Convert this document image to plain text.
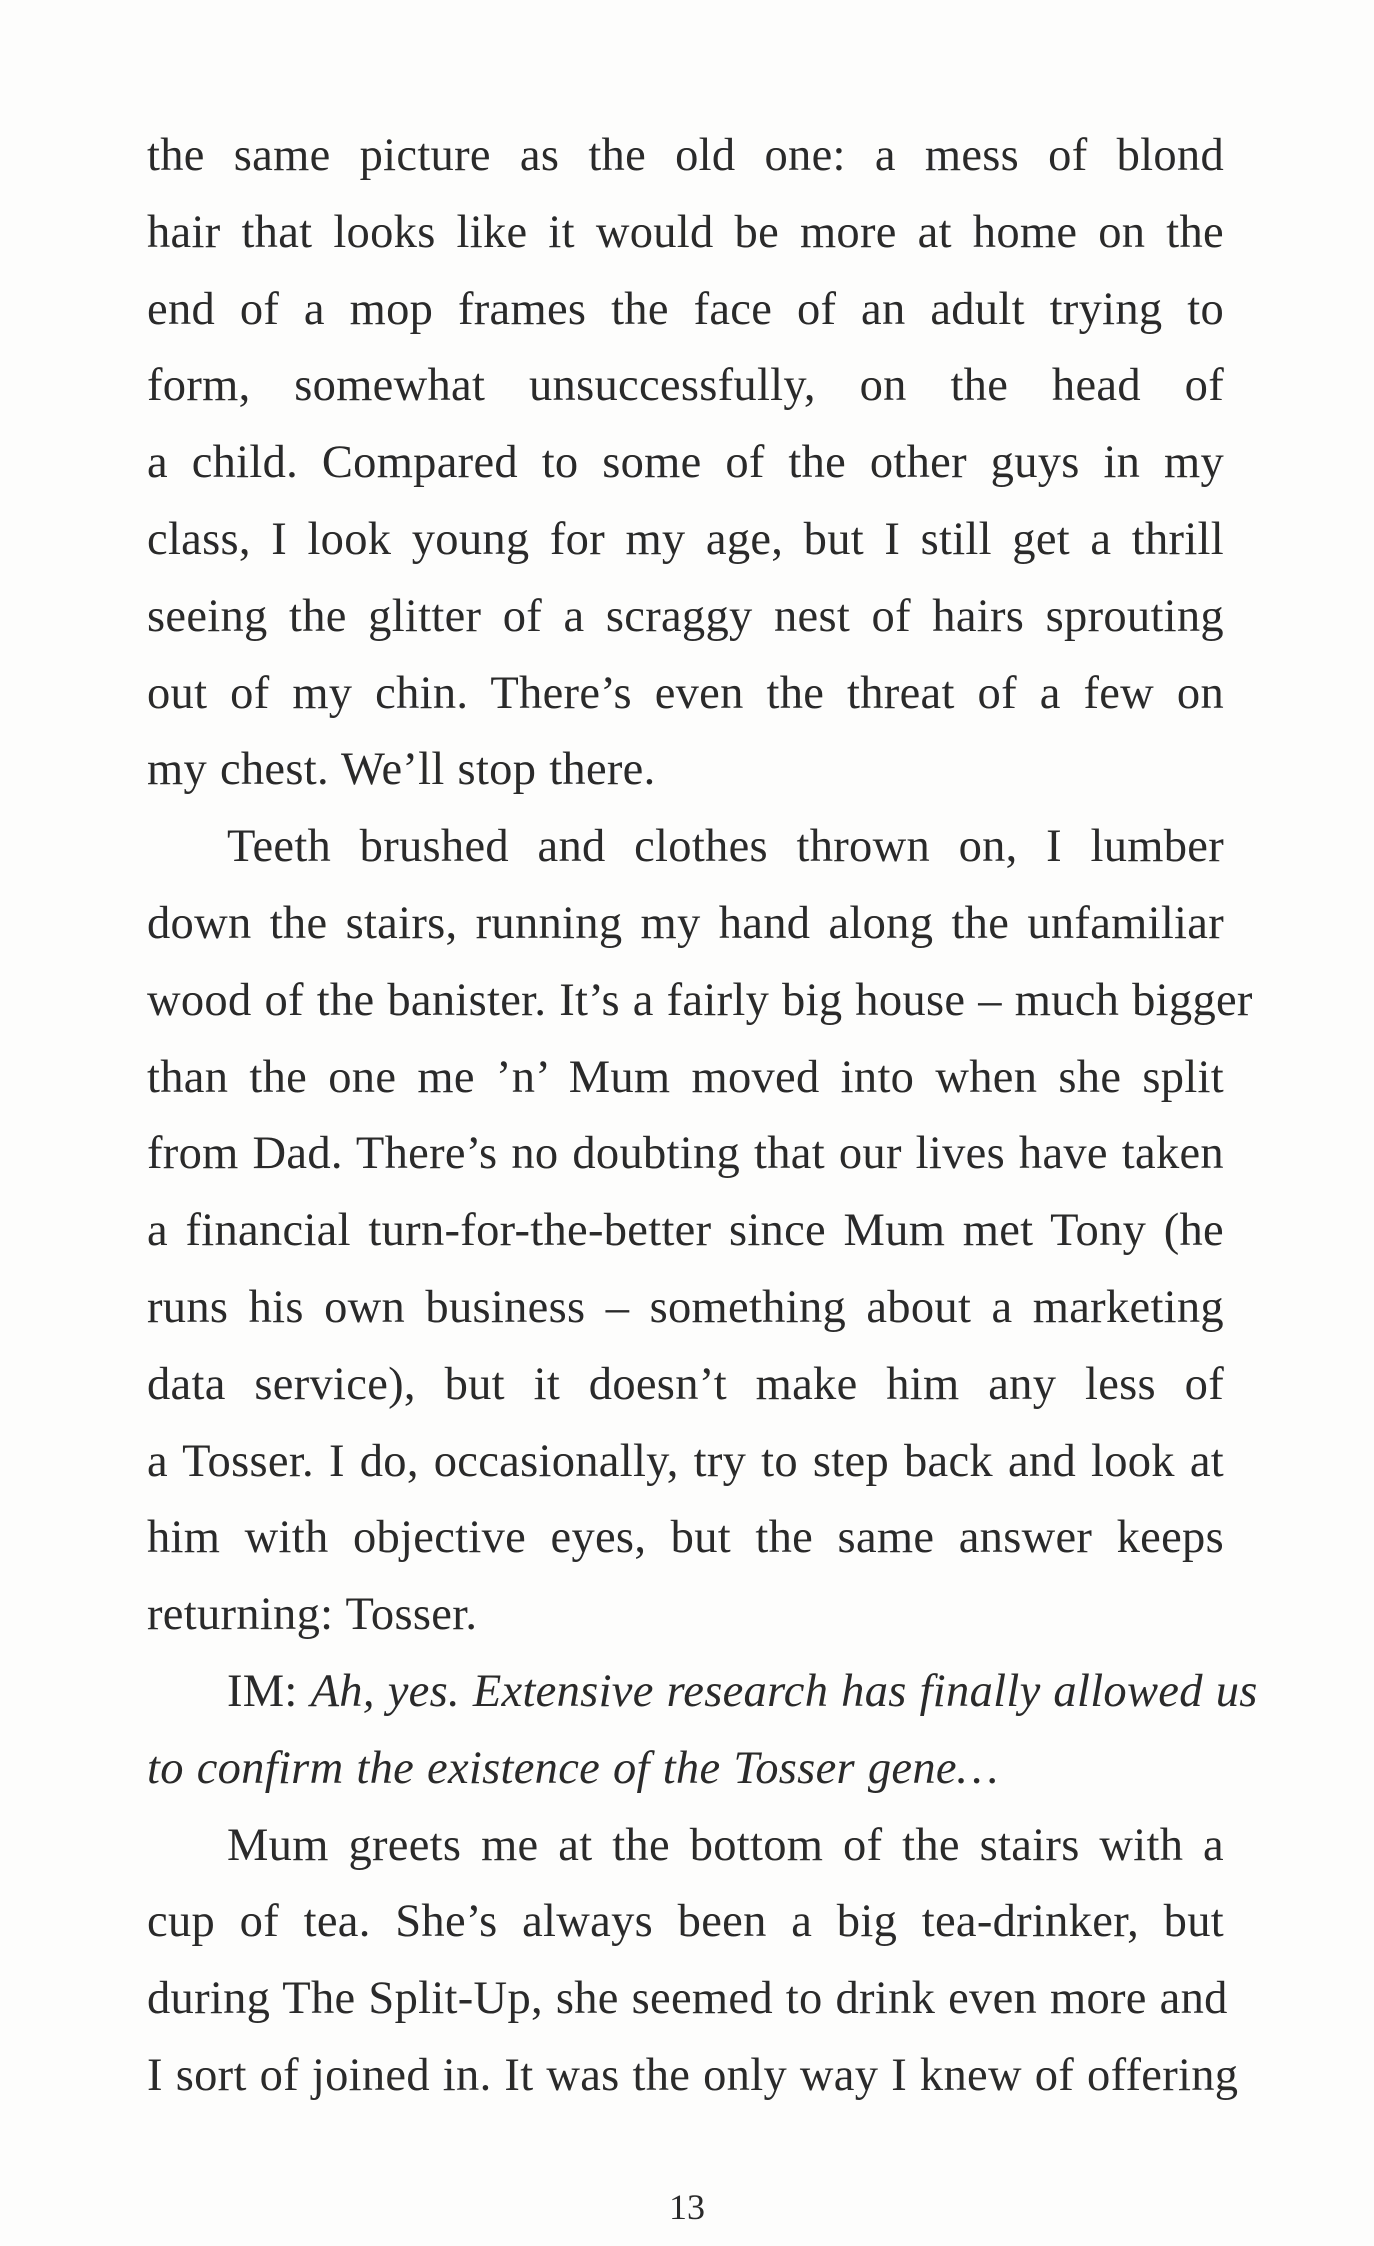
the same picture as the old one: a mess of blond
hair that looks like it would be more at home on the
end of a mop frames the face of an adult trying to
form, somewhat unsuccessfully, on the head of
a child. Compared to some of the other guys in my
class, I look young for my age, but I still get a thrill
seeing the glitter of a scraggy nest of hairs sprouting
out of my chin. There’s even the threat of a few on
my chest. We’ll stop there.
Teeth brushed and clothes thrown on, I lumber
down the stairs, running my hand along the unfamiliar
wood of the banister. It’s a fairly big house – much bigger
than the one me ’n’ Mum moved into when she split
from Dad. There’s no doubting that our lives have taken
a financial turn-for-the-better since Mum met Tony (he
runs his own business – something about a marketing
data service), but it doesn’t make him any less of
a Tosser. I do, occasionally, try to step back and look at
him with objective eyes, but the same answer keeps
returning: Tosser.
IM: Ah, yes. Extensive research has finally allowed us
to confirm the existence of the Tosser gene…
Mum greets me at the bottom of the stairs with a
cup of tea. She’s always been a big tea-drinker, but
during The Split-Up, she seemed to drink even more and
I sort of joined in. It was the only way I knew of offering
13
